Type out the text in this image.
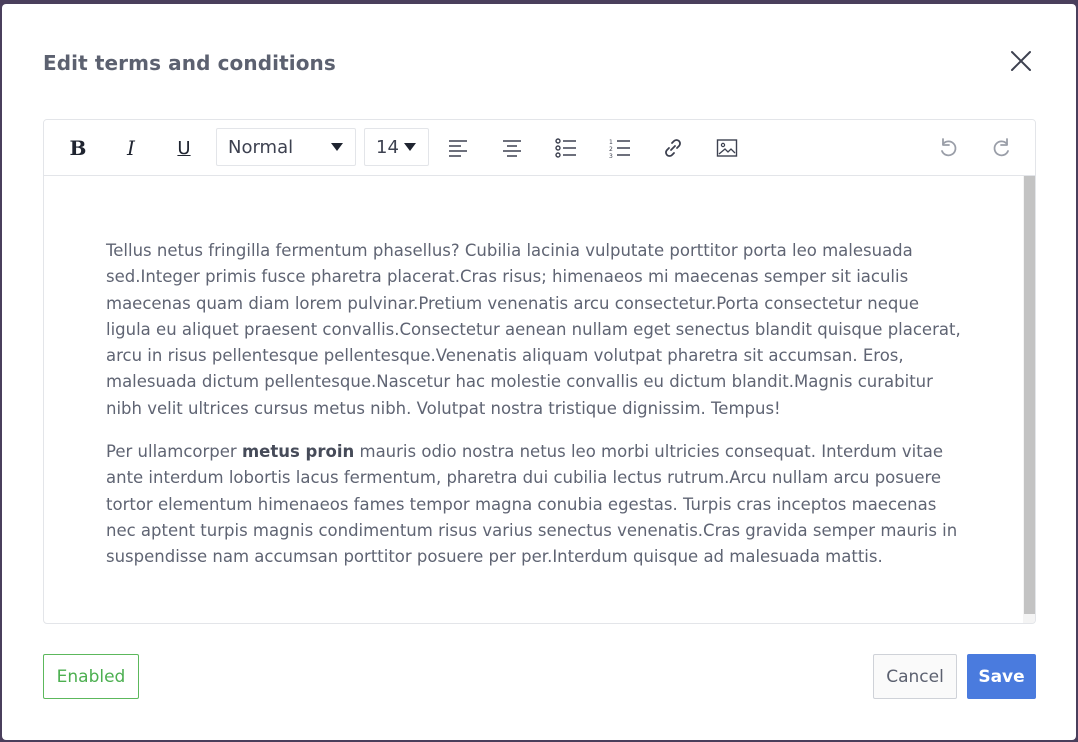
Edit terms and conditions
B I U	Normal	14	1
2
3

Tellus netus fringilla fermentum phasellus? Cubilia lacinia vulputate porttitor porta leo malesuada sed.Integer primis fusce pharetra placerat.Cras risus; himenaeos mi maecenas semper sit iaculis maecenas quam diam lorem pulvinar.Pretium venenatis arcu consectetur.Porta consectetur neque ligula eu aliquet praesent convallis.Consectetur aenean nullam eget senectus blandit quisque placerat, arcu in risus pellentesque pellentesque.Venenatis aliquam volutpat pharetra sit accumsan. Eros, malesuada dictum pellentesque.Nascetur hac molestie convallis eu dictum blandit.Magnis curabitur nibh velit ultrices cursus metus nibh. Volutpat nostra tristique dignissim. Tempus!

Per ullamcorper metus proin mauris odio nostra netus leo morbi ultricies consequat. Interdum vitae ante interdum lobortis lacus fermentum, pharetra dui cubilia lectus rutrum.Arcu nullam arcu posuere tortor elementum himenaeos fames tempor magna conubia egestas. Turpis cras inceptos maecenas nec aptent turpis magnis condimentum risus varius senectus venenatis.Cras gravida semper mauris in suspendisse nam accumsan porttitor posuere per per.Interdum quisque ad malesuada mattis.

Enabled	Cancel	Save
